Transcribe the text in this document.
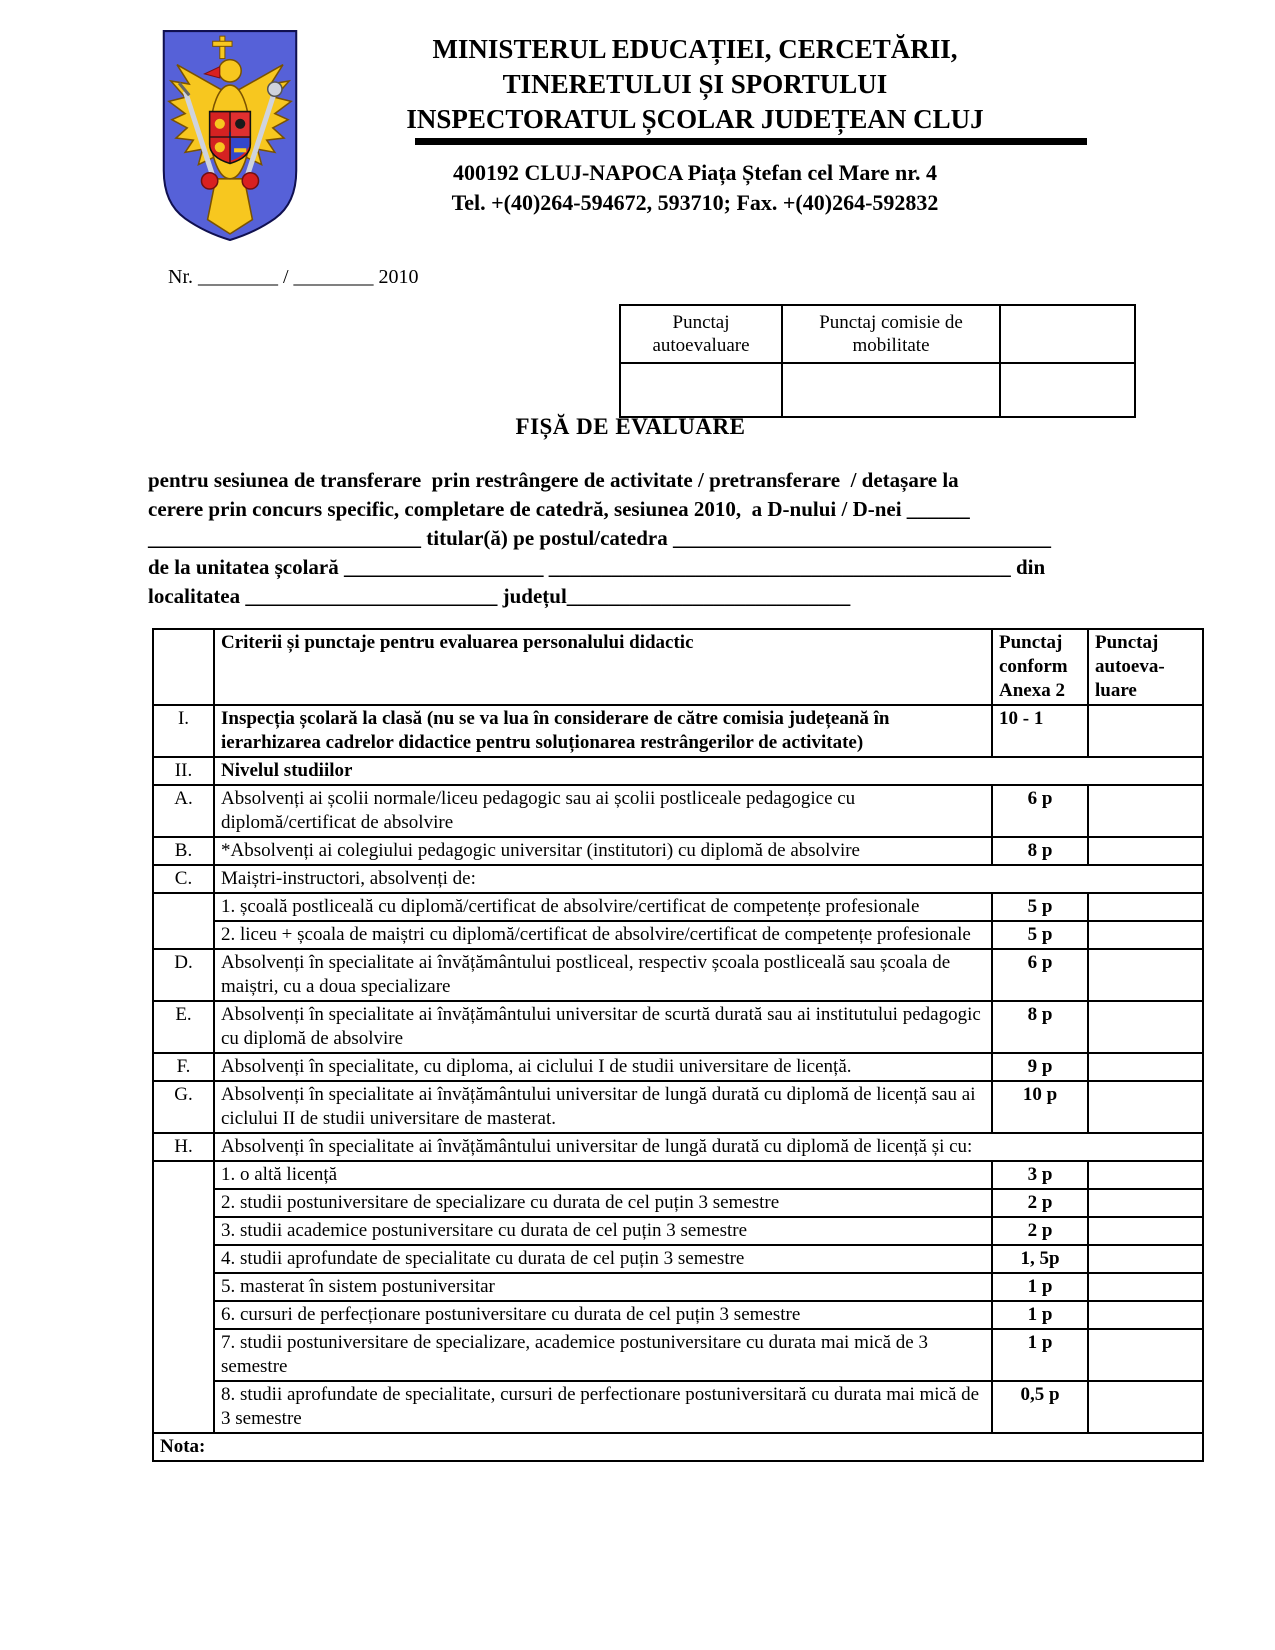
MINISTERUL EDUCAȚIEI, CERCETĂRII,
TINERETULUI ȘI SPORTULUI
INSPECTORATUL ȘCOLAR JUDEȚEAN CLUJ
400192 CLUJ-NAPOCA Piața Ștefan cel Mare nr. 4
Tel. +(40)264-594672, 593710; Fax. +(40)264-592832
Nr. ________ / ________ 2010
Punctaj autoevaluare	Punctaj comisie de mobilitate	

FIȘĂ DE EVALUARE
pentru sesiunea de transferare  prin restrângere de activitate / pretransferare  / detașare la
cerere prin concurs specific, completare de catedră, sesiunea 2010,  a D-nului / D-nei ______
__________________________ titular(ă) pe postul/catedra ____________________________________
de la unitatea școlară ___________________ ____________________________________________ din
localitatea ________________________ județul___________________________
	Criterii și punctaje pentru evaluarea personalului didactic	Punctaj conform Anexa 2	Punctaj autoeva-luare
I.	Inspecția școlară la clasă (nu se va lua în considerare de către comisia județeană în ierarhizarea cadrelor didactice pentru soluționarea restrângerilor de activitate)	10 - 1	
II.	Nivelul studiilor		
A.	Absolvenți ai școlii normale/liceu pedagogic sau ai școlii postliceale pedagogice cu diplomă/certificat de absolvire	6 p	
B.	*Absolvenți ai colegiului pedagogic universitar (institutori) cu diplomă de absolvire	8 p	
C.	Maiștri-instructori, absolvenți de:		
	1. școală postliceală cu diplomă/certificat de absolvire/certificat de competențe profesionale	5 p	
	2. liceu + școala de maiștri cu diplomă/certificat de absolvire/certificat de competențe profesionale	5 p	
D.	Absolvenți în specialitate ai învățământului postliceal, respectiv școala postliceală sau școala de maiștri, cu a doua specializare	6 p	
E.	Absolvenți în specialitate ai învățământului universitar de scurtă durată sau ai institutului pedagogic cu diplomă de absolvire	8 p	
F.	Absolvenți în specialitate, cu diploma, ai ciclului I de studii universitare de licență.	9 p	
G.	Absolvenți în specialitate ai învățământului universitar de lungă durată cu diplomă de licență sau ai ciclului II de studii universitare de masterat.	10 p	
H.	Absolvenți în specialitate ai învățământului universitar de lungă durată cu diplomă de licență și cu:		
	1. o altă licență	3 p	
	2. studii postuniversitare de specializare cu durata de cel puțin 3 semestre	2 p	
	3. studii academice postuniversitare cu durata de cel puțin 3 semestre	2 p	
	4. studii aprofundate de specialitate cu durata de cel puțin 3 semestre	1, 5p	
	5. masterat în sistem postuniversitar	1 p	
	6. cursuri de perfecționare postuniversitare cu durata de cel puțin 3 semestre	1 p	
	7. studii postuniversitare de specializare, academice postuniversitare cu durata mai mică de 3 semestre	1 p	
	8. studii aprofundate de specialitate, cursuri de perfectionare postuniversitară cu durata mai mică de 3 semestre	0,5 p	
Nota:			
